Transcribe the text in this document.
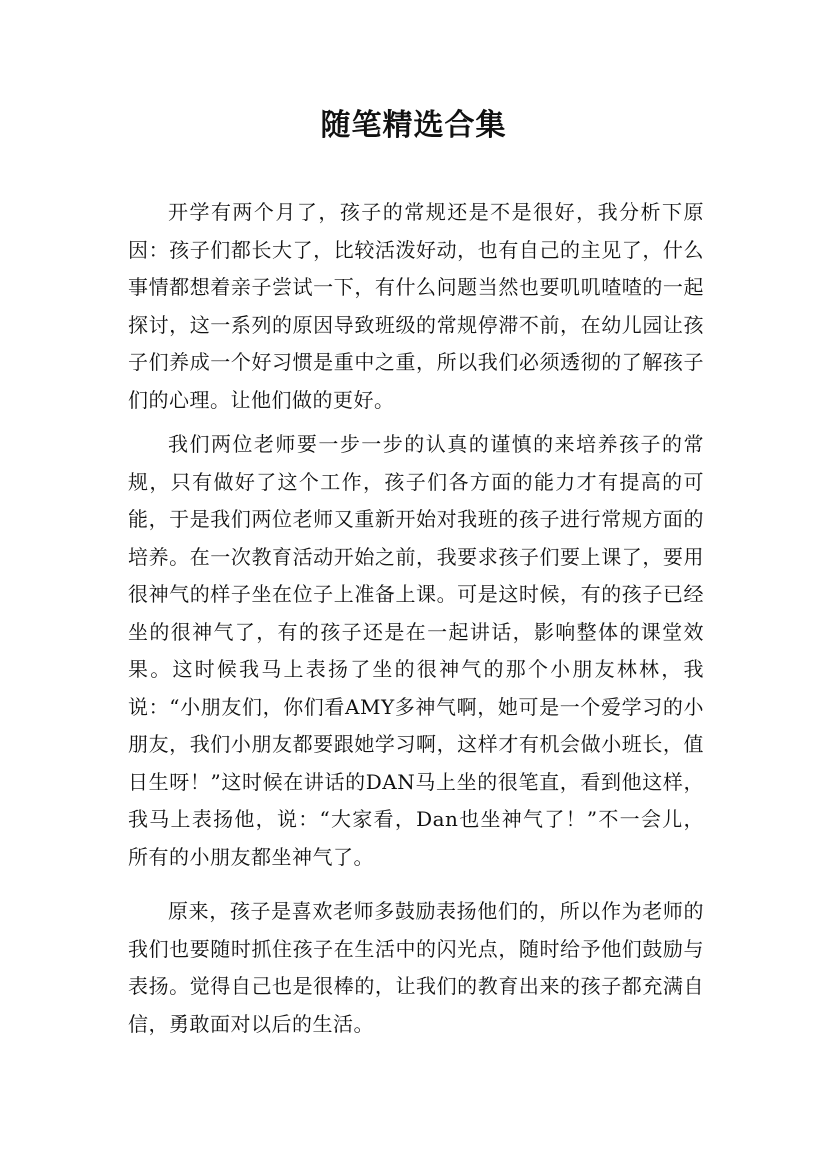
随笔精选合集

开学有两个月了，孩子的常规还是不是很好，我分析下原因：孩子们都长大了，比较活泼好动，也有自己的主见了，什么事情都想着亲子尝试一下，有什么问题当然也要叽叽喳喳的一起探讨，这一系列的原因导致班级的常规停滞不前，在幼儿园让孩子们养成一个好习惯是重中之重，所以我们必须透彻的了解孩子们的心理。让他们做的更好。

我们两位老师要一步一步的认真的谨慎的来培养孩子的常规，只有做好了这个工作，孩子们各方面的能力才有提高的可能，于是我们两位老师又重新开始对我班的孩子进行常规方面的培养。在一次教育活动开始之前，我要求孩子们要上课了，要用很神气的样子坐在位子上准备上课。可是这时候，有的孩子已经坐的很神气了，有的孩子还是在一起讲话，影响整体的课堂效果。这时候我马上表扬了坐的很神气的那个小朋友林林，我说：“小朋友们，你们看AMY多神气啊，她可是一个爱学习的小朋友，我们小朋友都要跟她学习啊，这样才有机会做小班长，值日生呀！”这时候在讲话的DAN马上坐的很笔直，看到他这样，我马上表扬他，说：“大家看，Dan也坐神气了！”不一会儿，所有的小朋友都坐神气了。

原来，孩子是喜欢老师多鼓励表扬他们的，所以作为老师的我们也要随时抓住孩子在生活中的闪光点，随时给予他们鼓励与表扬。觉得自己也是很棒的，让我们的教育出来的孩子都充满自信，勇敢面对以后的生活。
